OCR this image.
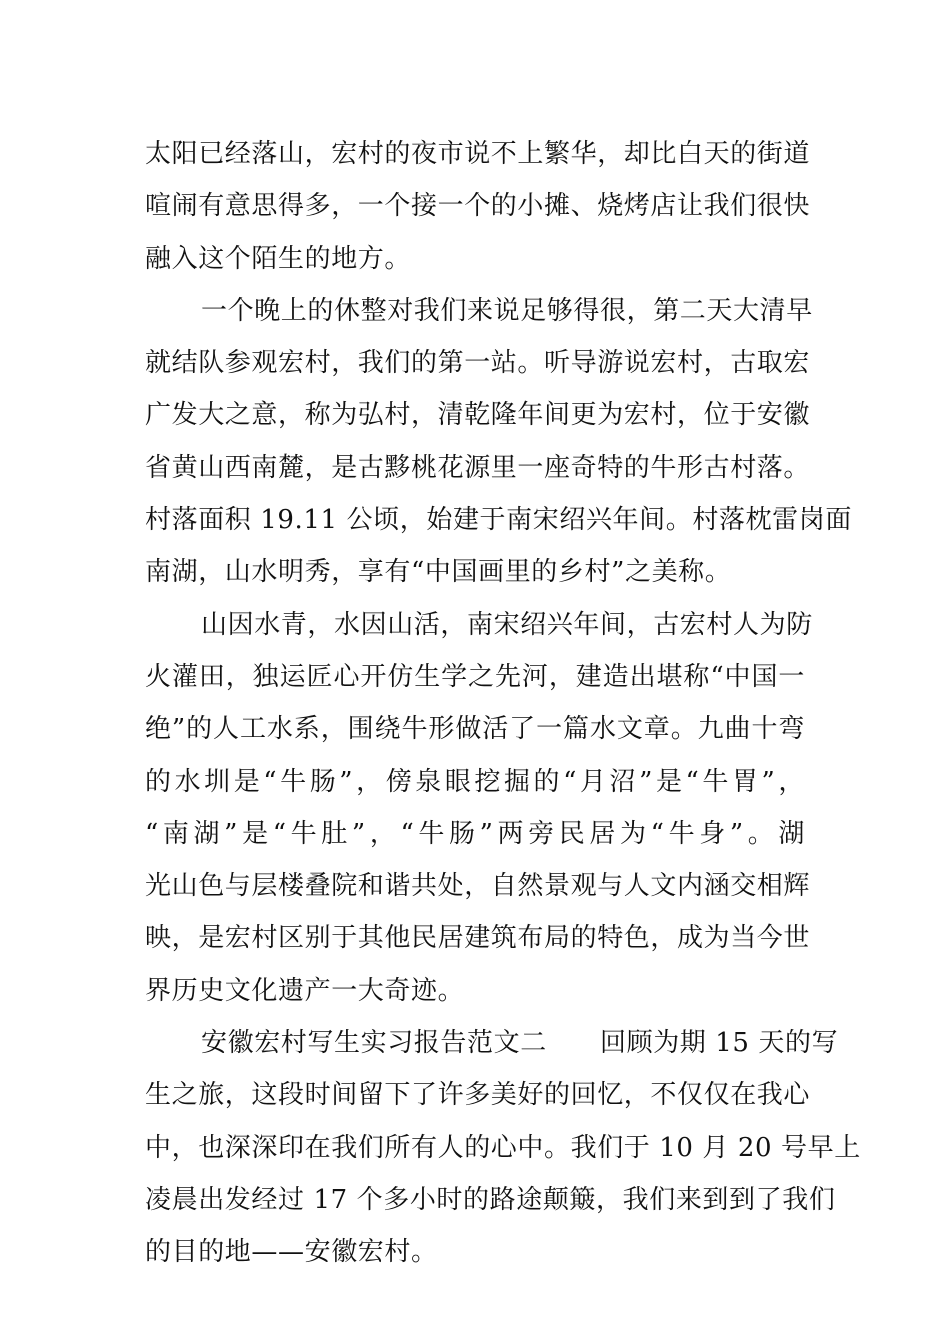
太阳已经落山，宏村的夜市说不上繁华，却比白天的街道
喧闹有意思得多，一个接一个的小摊、烧烤店让我们很快
融入这个陌生的地方。
一个晚上的休整对我们来说足够得很，第二天大清早
就结队参观宏村，我们的第一站。听导游说宏村，古取宏
广发大之意，称为弘村，清乾隆年间更为宏村，位于安徽
省黄山西南麓，是古黟桃花源里一座奇特的牛形古村落。
村落面积 19.11 公顷，始建于南宋绍兴年间。村落枕雷岗面
南湖，山水明秀，享有“中国画里的乡村”之美称。
山因水青，水因山活，南宋绍兴年间，古宏村人为防
火灌田，独运匠心开仿生学之先河，建造出堪称“中国一
绝”的人工水系，围绕牛形做活了一篇水文章。九曲十弯
的水圳是“牛肠”，傍泉眼挖掘的“月沼”是“牛胃”，
“南湖”是“牛肚”，“牛肠”两旁民居为“牛身”。湖
光山色与层楼叠院和谐共处，自然景观与人文内涵交相辉
映，是宏村区别于其他民居建筑布局的特色，成为当今世
界历史文化遗产一大奇迹。
安徽宏村写生实习报告范文二　　回顾为期 15 天的写
生之旅，这段时间留下了许多美好的回忆，不仅仅在我心
中，也深深印在我们所有人的心中。我们于 10 月 20 号早上
凌晨出发经过 17 个多小时的路途颠簸，我们来到到了我们
的目的地——安徽宏村。
